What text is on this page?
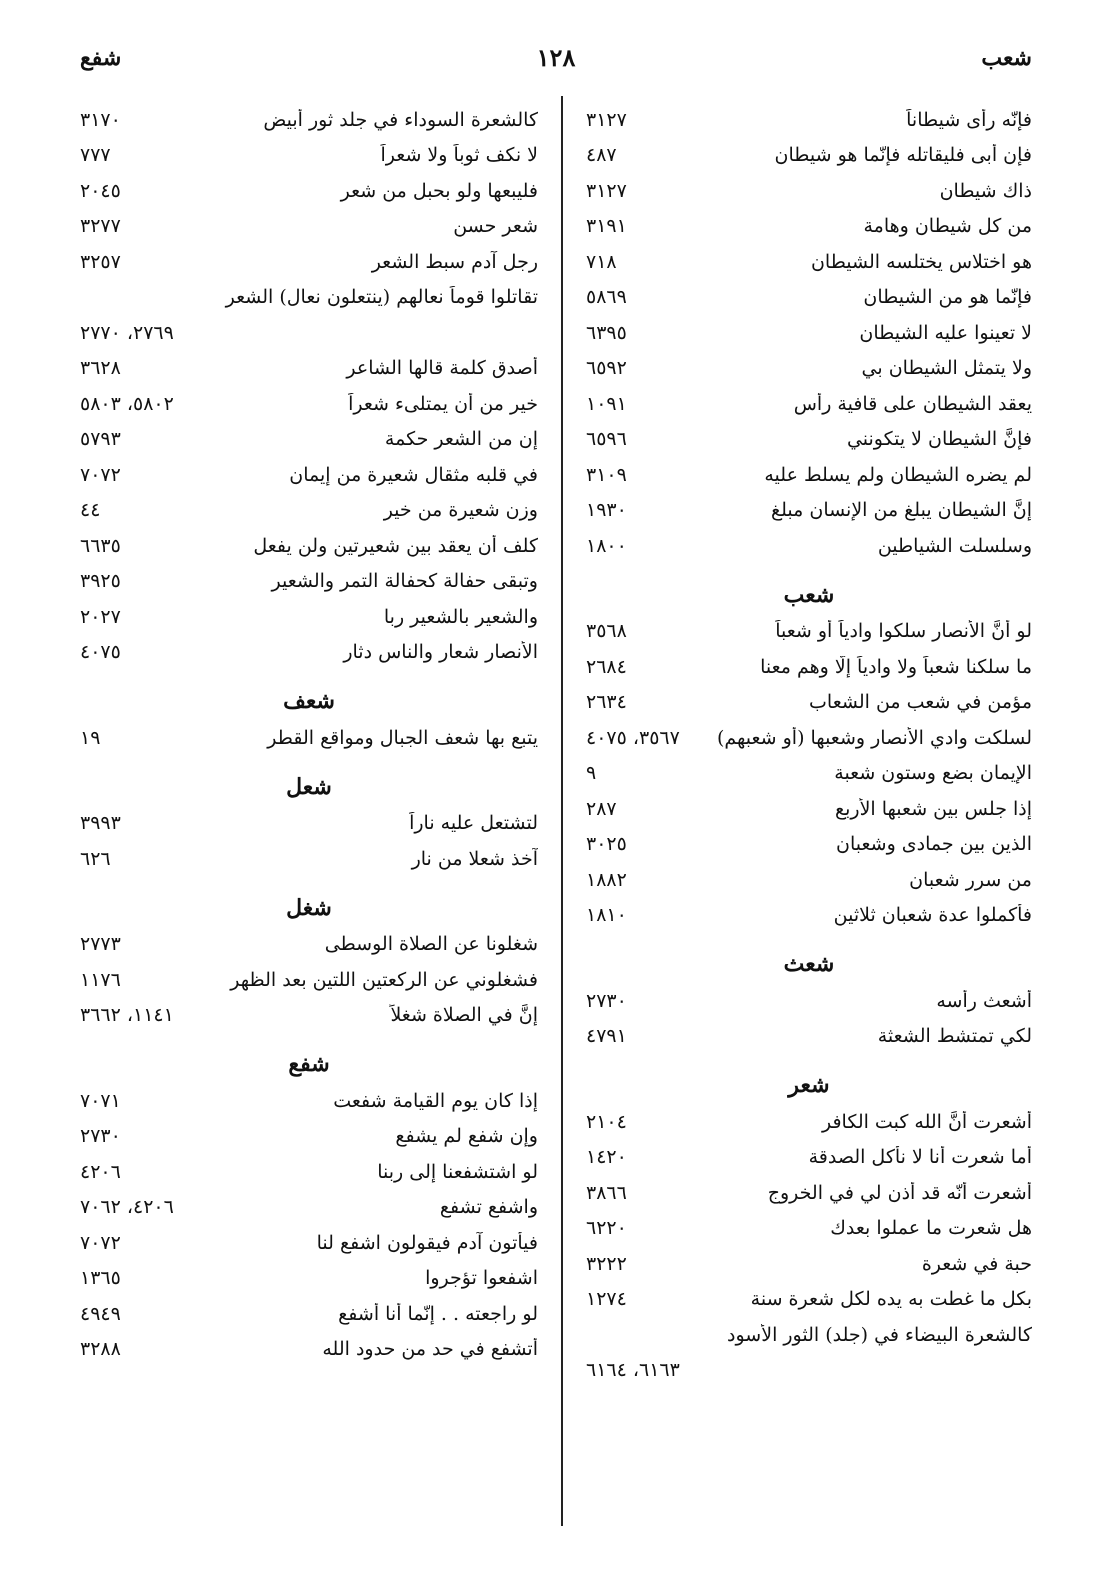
شعب
١٢٨
شفع
فإنّه رأى شيطاناً
٣١٢٧
فإن أبى فليقاتله فإنّما هو شيطان
٤٨٧
ذاك شيطان
٣١٢٧
من كل شيطان وهامة
٣١٩١
هو اختلاس يختلسه الشيطان
٧١٨
فإنّما هو من الشيطان
٥٨٦٩
لا تعينوا عليه الشيطان
٦٣٩٥
ولا يتمثل الشيطان بي
٦٥٩٢
يعقد الشيطان على قافية رأس
١٠٩١
فإنَّ الشيطان لا يتكونني
٦٥٩٦
لم يضره الشيطان ولم يسلط عليه
٣١٠٩
إنَّ الشيطان يبلغ من الإنسان مبلغ
١٩٣٠
وسلسلت الشياطين
١٨٠٠
شعب
لو أنَّ الأنصار سلكوا وادياً أو شعباً
٣٥٦٨
ما سلكنا شعباً ولا وادياً إلّا وهم معنا
٢٦٨٤
مؤمن في شعب من الشعاب
٢٦٣٤
لسلكت وادي الأنصار وشعبها (أو شعبهم)
٣٥٦٧، ٤٠٧٥
الإيمان بضع وستون شعبة
٩
إذا جلس بين شعبها الأربع
٢٨٧
الذين بين جمادى وشعبان
٣٠٢٥
من سرر شعبان
١٨٨٢
فأكملوا عدة شعبان ثلاثين
١٨١٠
شعث
أشعث رأسه
٢٧٣٠
لكي تمتشط الشعثة
٤٧٩١
شعر
أشعرت أنَّ الله كبت الكافر
٢١٠٤
أما شعرت أنا لا نأكل الصدقة
١٤٢٠
أشعرت أنّه قد أذن لي في الخروج
٣٨٦٦
هل شعرت ما عملوا بعدك
٦٢٢٠
حبة في شعرة
٣٢٢٢
بكل ما غطت به يده لكل شعرة سنة
١٢٧٤
كالشعرة البيضاء في (جلد) الثور الأسود
٦١٦٣، ٦١٦٤
كالشعرة السوداء في جلد ثور أبيض
٣١٧٠
لا نكف ثوباً ولا شعراً
٧٧٧
فليبعها ولو بحبل من شعر
٢٠٤٥
شعر حسن
٣٢٧٧
رجل آدم سبط الشعر
٣٢٥٧
تقاتلوا قوماً نعالهم (ينتعلون نعال) الشعر
٢٧٦٩، ٢٧٧٠
أصدق كلمة قالها الشاعر
٣٦٢٨
خير من أن يمتلىء شعراً
٥٨٠٢، ٥٨٠٣
إن من الشعر حكمة
٥٧٩٣
في قلبه مثقال شعيرة من إيمان
٧٠٧٢
وزن شعيرة من خير
٤٤
كلف أن يعقد بين شعيرتين ولن يفعل
٦٦٣٥
وتبقى حفالة كحفالة التمر والشعير
٣٩٢٥
والشعير بالشعير ربا
٢٠٢٧
الأنصار شعار والناس دثار
٤٠٧٥
شعف
يتبع بها شعف الجبال ومواقع القطر
١٩
شعل
لتشتعل عليه ناراً
٣٩٩٣
آخذ شعلا من نار
٦٢٦
شغل
شغلونا عن الصلاة الوسطى
٢٧٧٣
فشغلوني عن الركعتين اللتين بعد الظهر
١١٧٦
إنَّ في الصلاة شغلاً
١١٤١، ٣٦٦٢
شفع
إذا كان يوم القيامة شفعت
٧٠٧١
وإن شفع لم يشفع
٢٧٣٠
لو اشتشفعنا إلى ربنا
٤٢٠٦
واشفع تشفع
٤٢٠٦، ٧٠٦٢
فيأتون آدم فيقولون اشفع لنا
٧٠٧٢
اشفعوا تؤجروا
١٣٦٥
لو راجعته . . إنّما أنا أشفع
٤٩٤٩
أتشفع في حد من حدود الله
٣٢٨٨
